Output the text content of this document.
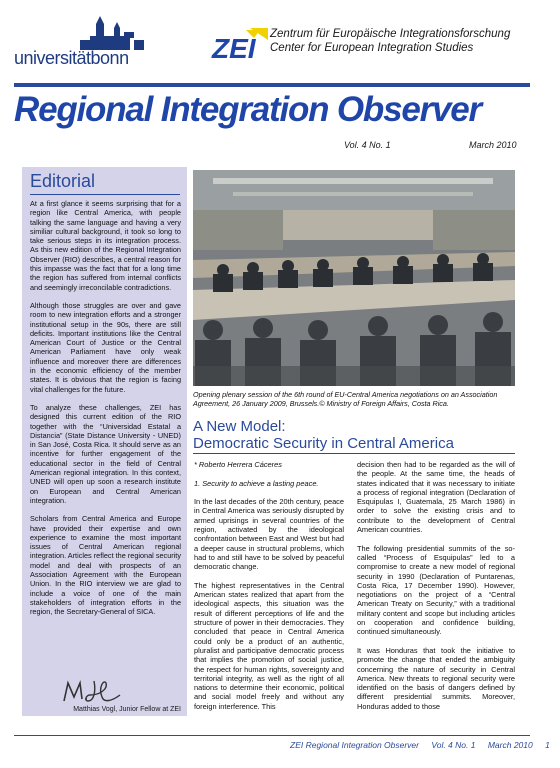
universitätbonn	ZEI Zentrum für Europäische Integrationsforschung
Center for European Integration Studies
Regional Integration Observer
Vol. 4 No. 1	March 2010
Editorial

At a first glance it seems surprising that for a region like Central America, with people talking the same language and having a very similiar cultural background, it took so long to take serious steps in its integration process. As this new edition of the Regional Integration Observer (RIO) describes, a central reason for this impasse was the fact that for a long time the region has suffered from internal conflicts and seemingly irreconcilable contradictions.

Although those struggles are over and gave room to new integration efforts and a stronger institutional setup in the 90s, there are still deficits. Important institutions like the Central American Court of Justice or the Central American Parliament have only weak influence and moreover there are differences in the economic efficiency of the member states. It is obvious that the region is facing vital challenges for the future.

To analyze these challenges, ZEI has designed this current edition of the RIO together with the “Universidad Estatal a Distancia” (State Distance University - UNED) in San José, Costa Rica. It should serve as an incentive for further engagement of the educational sector in the field of Central American regional integration. In this context, UNED will open up soon a research institute on European and Central American integration.

Scholars from Central America and Europe have provided their expertise and own experience to examine the most important issues of Central American regional integration. Articles reflect the regional security model and deal with prospects of an Association Agreement with the European Union. In the RIO interview we are glad to include a voice of one of the main stakeholders of integration efforts in the region, the Secretary-General of SICA.

Matthias Vogl, Junior Fellow at ZEI
Opening plenary session of the 6th round of EU-Central America negotiations on an Association Agreement, 26 January 2009, Brussels.© Ministry of Foreign Affairs, Costa Rica.
A New Model:
Democratic Security in Central America

* Roberto Herrera Cáceres

1. Security to achieve a lasting peace.

In the last decades of the 20th century, peace in Central America was seriously disrupted by armed uprisings in several countries of the region, activated by the ideological confrontation between East and West but had a deeper cause in structural problems, which had to and still have to be solved by peaceful democratic change.

The highest representatives in the Central American states realized that apart from the ideological aspects, this situation was the result of different perceptions of life and the structure of power in their democracies. They concluded that peace in Central America could only be a product of an authentic, pluralist and participative democratic process that implies the promotion of social justice, the respect for human rights, sovereignty and territorial integrity, as well as the right of all nations to determine their economic, political and social model freely and without any foreign interference. This

decision then had to be regarded as the will of the people. At the same time, the heads of states indicated that it was necessary to initiate a process of regional integration (Declaration of Esquipulas I, Guatemala, 25 March 1986) in order to solve the existing crisis and to contribute to the development of Central American countries.

The following presidential summits of the so-called “Process of Esquipulas” led to a compromise to create a new model of regional security in 1990 (Declaration of Puntarenas, Costa Rica, 17 December 1990). However, negotiations on the project of a “Central American Treaty on Security,” with a traditional military content and scope but including articles on cooperation and confidence building, continued simultaneously.

It was Honduras that took the initiative to promote the change that ended the ambiguity concerning the nature of security in Central America. New threats to regional security were identified on the basis of dangers defined by different presidential summits. Moreover, Honduras added to those

ZEI Regional Integration Observer Vol. 4 No. 1 March 2010 1
